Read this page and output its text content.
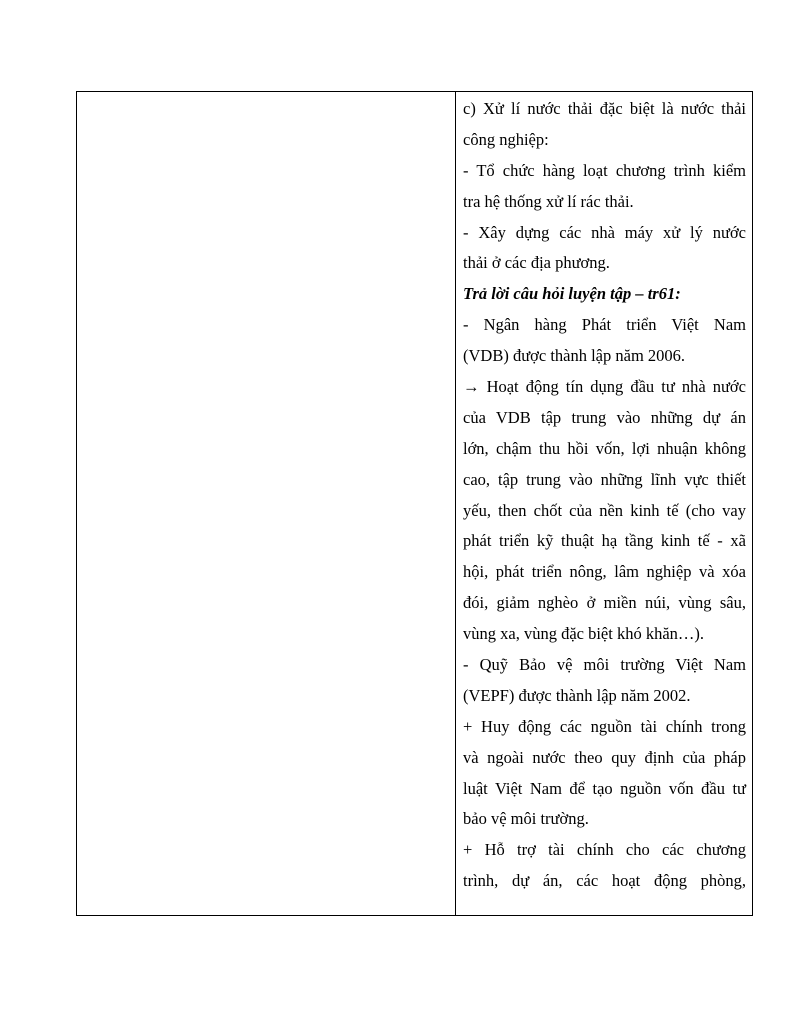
c) Xử lí nước thải đặc biệt là nước thải
công nghiệp:
- Tổ chức hàng loạt chương trình kiểm
tra hệ thống xử lí rác thải.
- Xây dựng các nhà máy xử lý nước
thải ở các địa phương.
Trả lời câu hỏi luyện tập – tr61:
- Ngân hàng Phát triển Việt Nam
(VDB) được thành lập năm 2006.
→ Hoạt động tín dụng đầu tư nhà nước
của VDB tập trung vào những dự án
lớn, chậm thu hồi vốn, lợi nhuận không
cao, tập trung vào những lĩnh vực thiết
yếu, then chốt của nền kinh tế (cho vay
phát triển kỹ thuật hạ tầng kinh tế - xã
hội, phát triển nông, lâm nghiệp và xóa
đói, giảm nghèo ở miền núi, vùng sâu,
vùng xa, vùng đặc biệt khó khăn…).
- Quỹ Bảo vệ môi trường Việt Nam
(VEPF) được thành lập năm 2002.
+ Huy động các nguồn tài chính trong
và ngoài nước theo quy định của pháp
luật Việt Nam để tạo nguồn vốn đầu tư
bảo vệ môi trường.
+ Hỗ trợ tài chính cho các chương
trình, dự án, các hoạt động phòng,
